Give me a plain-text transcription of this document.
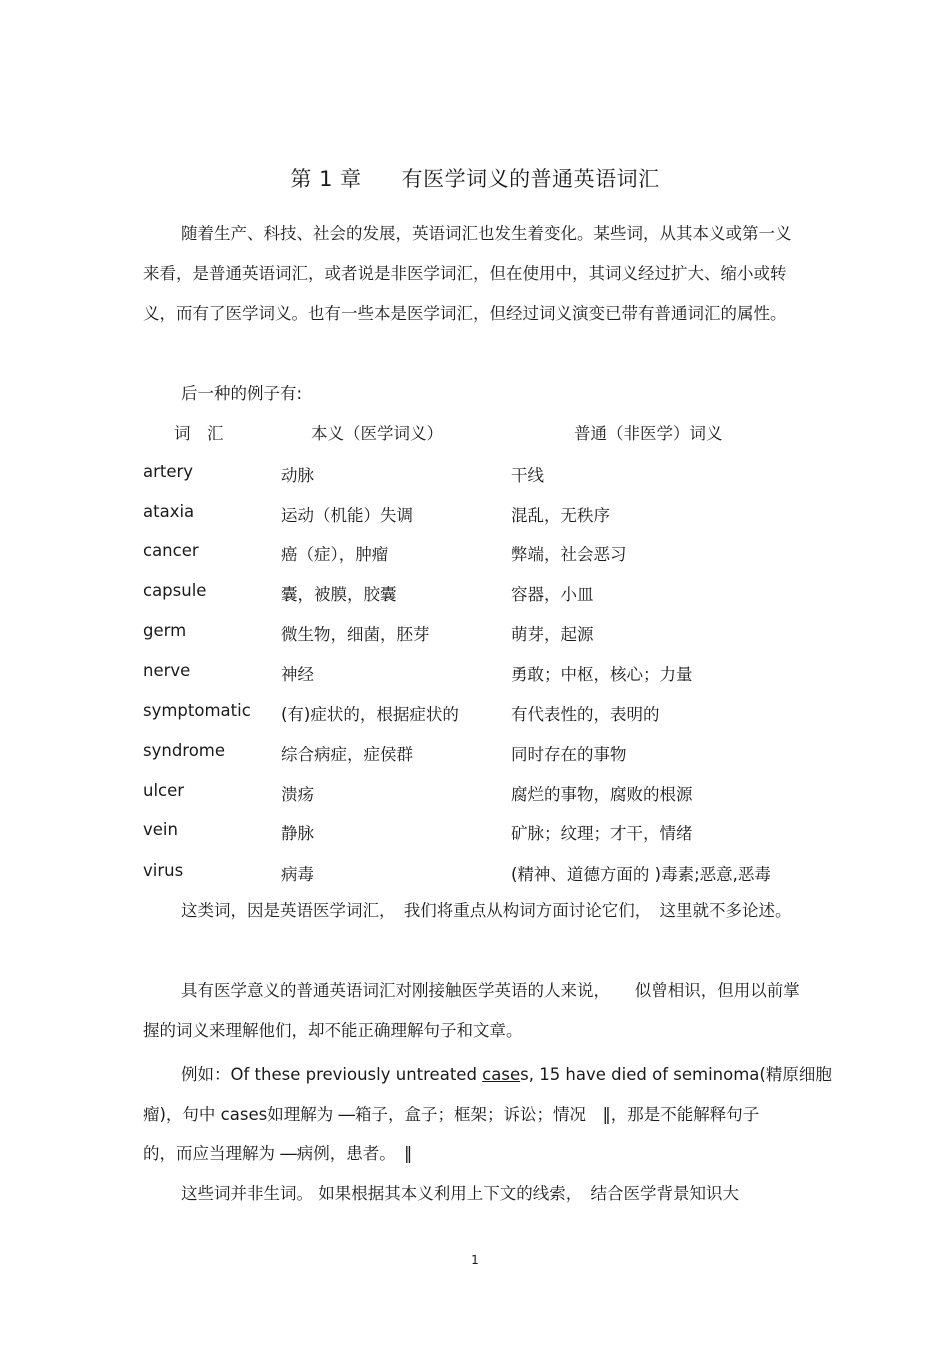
第 1 章 有医学词义的普通英语词汇

随着生产、科技、社会的发展，英语词汇也发生着变化。某些词，从其本义或第一义来看，是普通英语词汇，或者说是非医学词汇，但在使用中，其词义经过扩大、缩小或转义，而有了医学词义。也有一些本是医学词汇，但经过词义演变已带有普通词汇的属性。

后一种的例子有:
词　汇	本义（医学词义）	普通（非医学）词义
artery	动脉	干线
ataxia	运动（机能）失调	混乱，无秩序
cancer	癌（症），肿瘤	弊端，社会恶习
capsule	囊，被膜，胶囊	容器，小皿
germ	微生物，细菌，胚芽	萌芽，起源
nerve	神经	勇敢；中枢，核心；力量
symptomatic (有)症状的，根据症状的	有代表性的，表明的
syndrome	综合病症，症侯群	同时存在的事物
ulcer	溃疡	腐烂的事物，腐败的根源
vein	静脉	矿脉；纹理；才干，情绪
virus	病毒	(精神、道德方面的 )毒素;恶意,恶毒

这类词，因是英语医学词汇，　我们将重点从构词方面讨论它们，　这里就不多论述。

具有医学意义的普通英语词汇对刚接触医学英语的人来说，　　似曾相识，但用以前掌握的词义来理解他们，却不能正确理解句子和文章。

例如：Of these previously untreated cases, 15 have died of seminoma(精原细胞
瘤)，句中 cases如理解为 ―箱子，盒子；框架；诉讼；情况　‖，那是不能解释句子
的，而应当理解为 ―病例，患者。　‖
这些词并非生词。 如果根据其本义利用上下文的线索，　结合医学背景知识大
1
